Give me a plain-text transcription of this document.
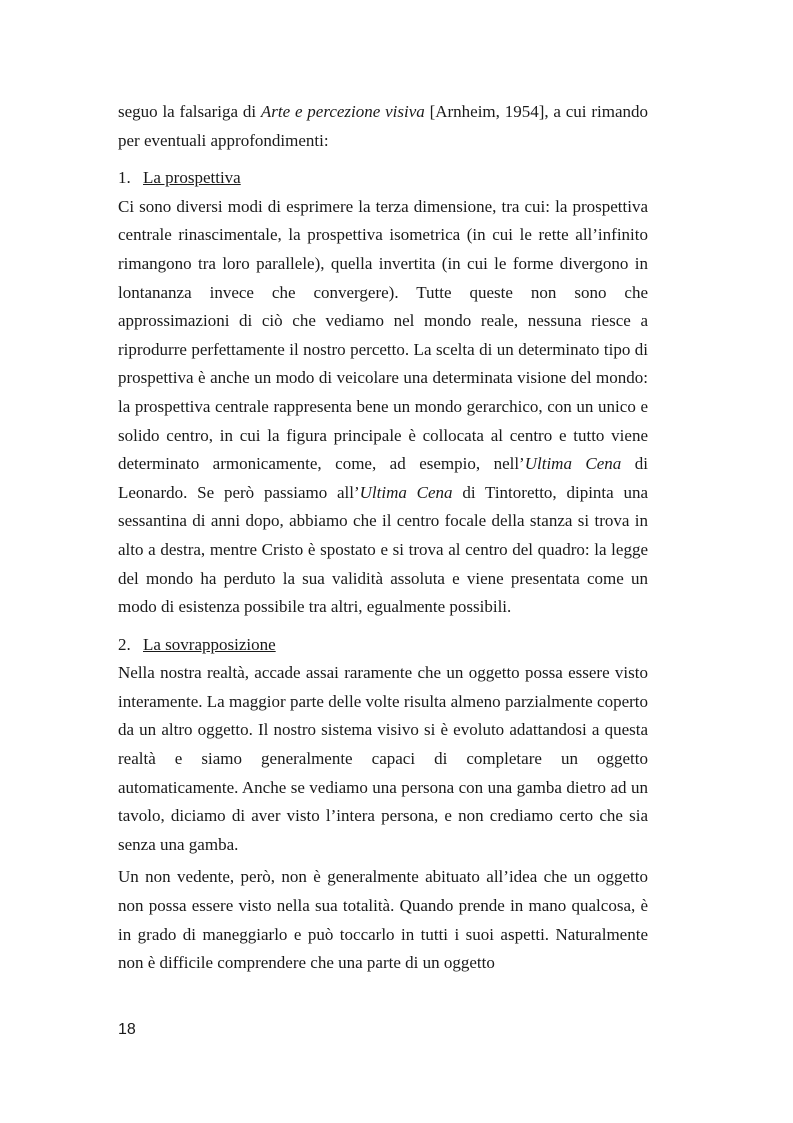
seguo la falsariga di Arte e percezione visiva [Arnheim, 1954], a cui rimando per eventuali approfondimenti:

1. La prospettiva

Ci sono diversi modi di esprimere la terza dimensione, tra cui: la prospettiva centrale rinascimentale, la prospettiva isometrica (in cui le rette all’infinito rimangono tra loro parallele), quella invertita (in cui le forme divergono in lontananza invece che convergere). Tutte queste non sono che approssimazioni di ciò che vediamo nel mondo reale, nessuna riesce a riprodurre perfettamente il nostro percetto. La scelta di un determinato tipo di prospettiva è anche un modo di veicolare una determinata visione del mondo: la prospettiva centrale rappresenta bene un mondo gerarchico, con un unico e solido centro, in cui la figura principale è collocata al centro e tutto viene determinato armonicamente, come, ad esempio, nell’Ultima Cena di Leonardo. Se però passiamo all’Ultima Cena di Tintoretto, dipinta una sessantina di anni dopo, abbiamo che il centro focale della stanza si trova in alto a destra, mentre Cristo è spostato e si trova al centro del quadro: la legge del mondo ha perduto la sua validità assoluta e viene presentata come un modo di esistenza possibile tra altri, egualmente possibili.

2. La sovrapposizione

Nella nostra realtà, accade assai raramente che un oggetto possa essere visto interamente. La maggior parte delle volte risulta almeno parzialmente coperto da un altro oggetto. Il nostro sistema visivo si è evoluto adattandosi a questa realtà e siamo generalmente capaci di completare un oggetto automaticamente. Anche se vediamo una persona con una gamba dietro ad un tavolo, diciamo di aver visto l’intera persona, e non crediamo certo che sia senza una gamba.

Un non vedente, però, non è generalmente abituato all’idea che un oggetto non possa essere visto nella sua totalità. Quando prende in mano qualcosa, è in grado di maneggiarlo e può toccarlo in tutti i suoi aspetti. Naturalmente non è difficile comprendere che una parte di un oggetto

18
